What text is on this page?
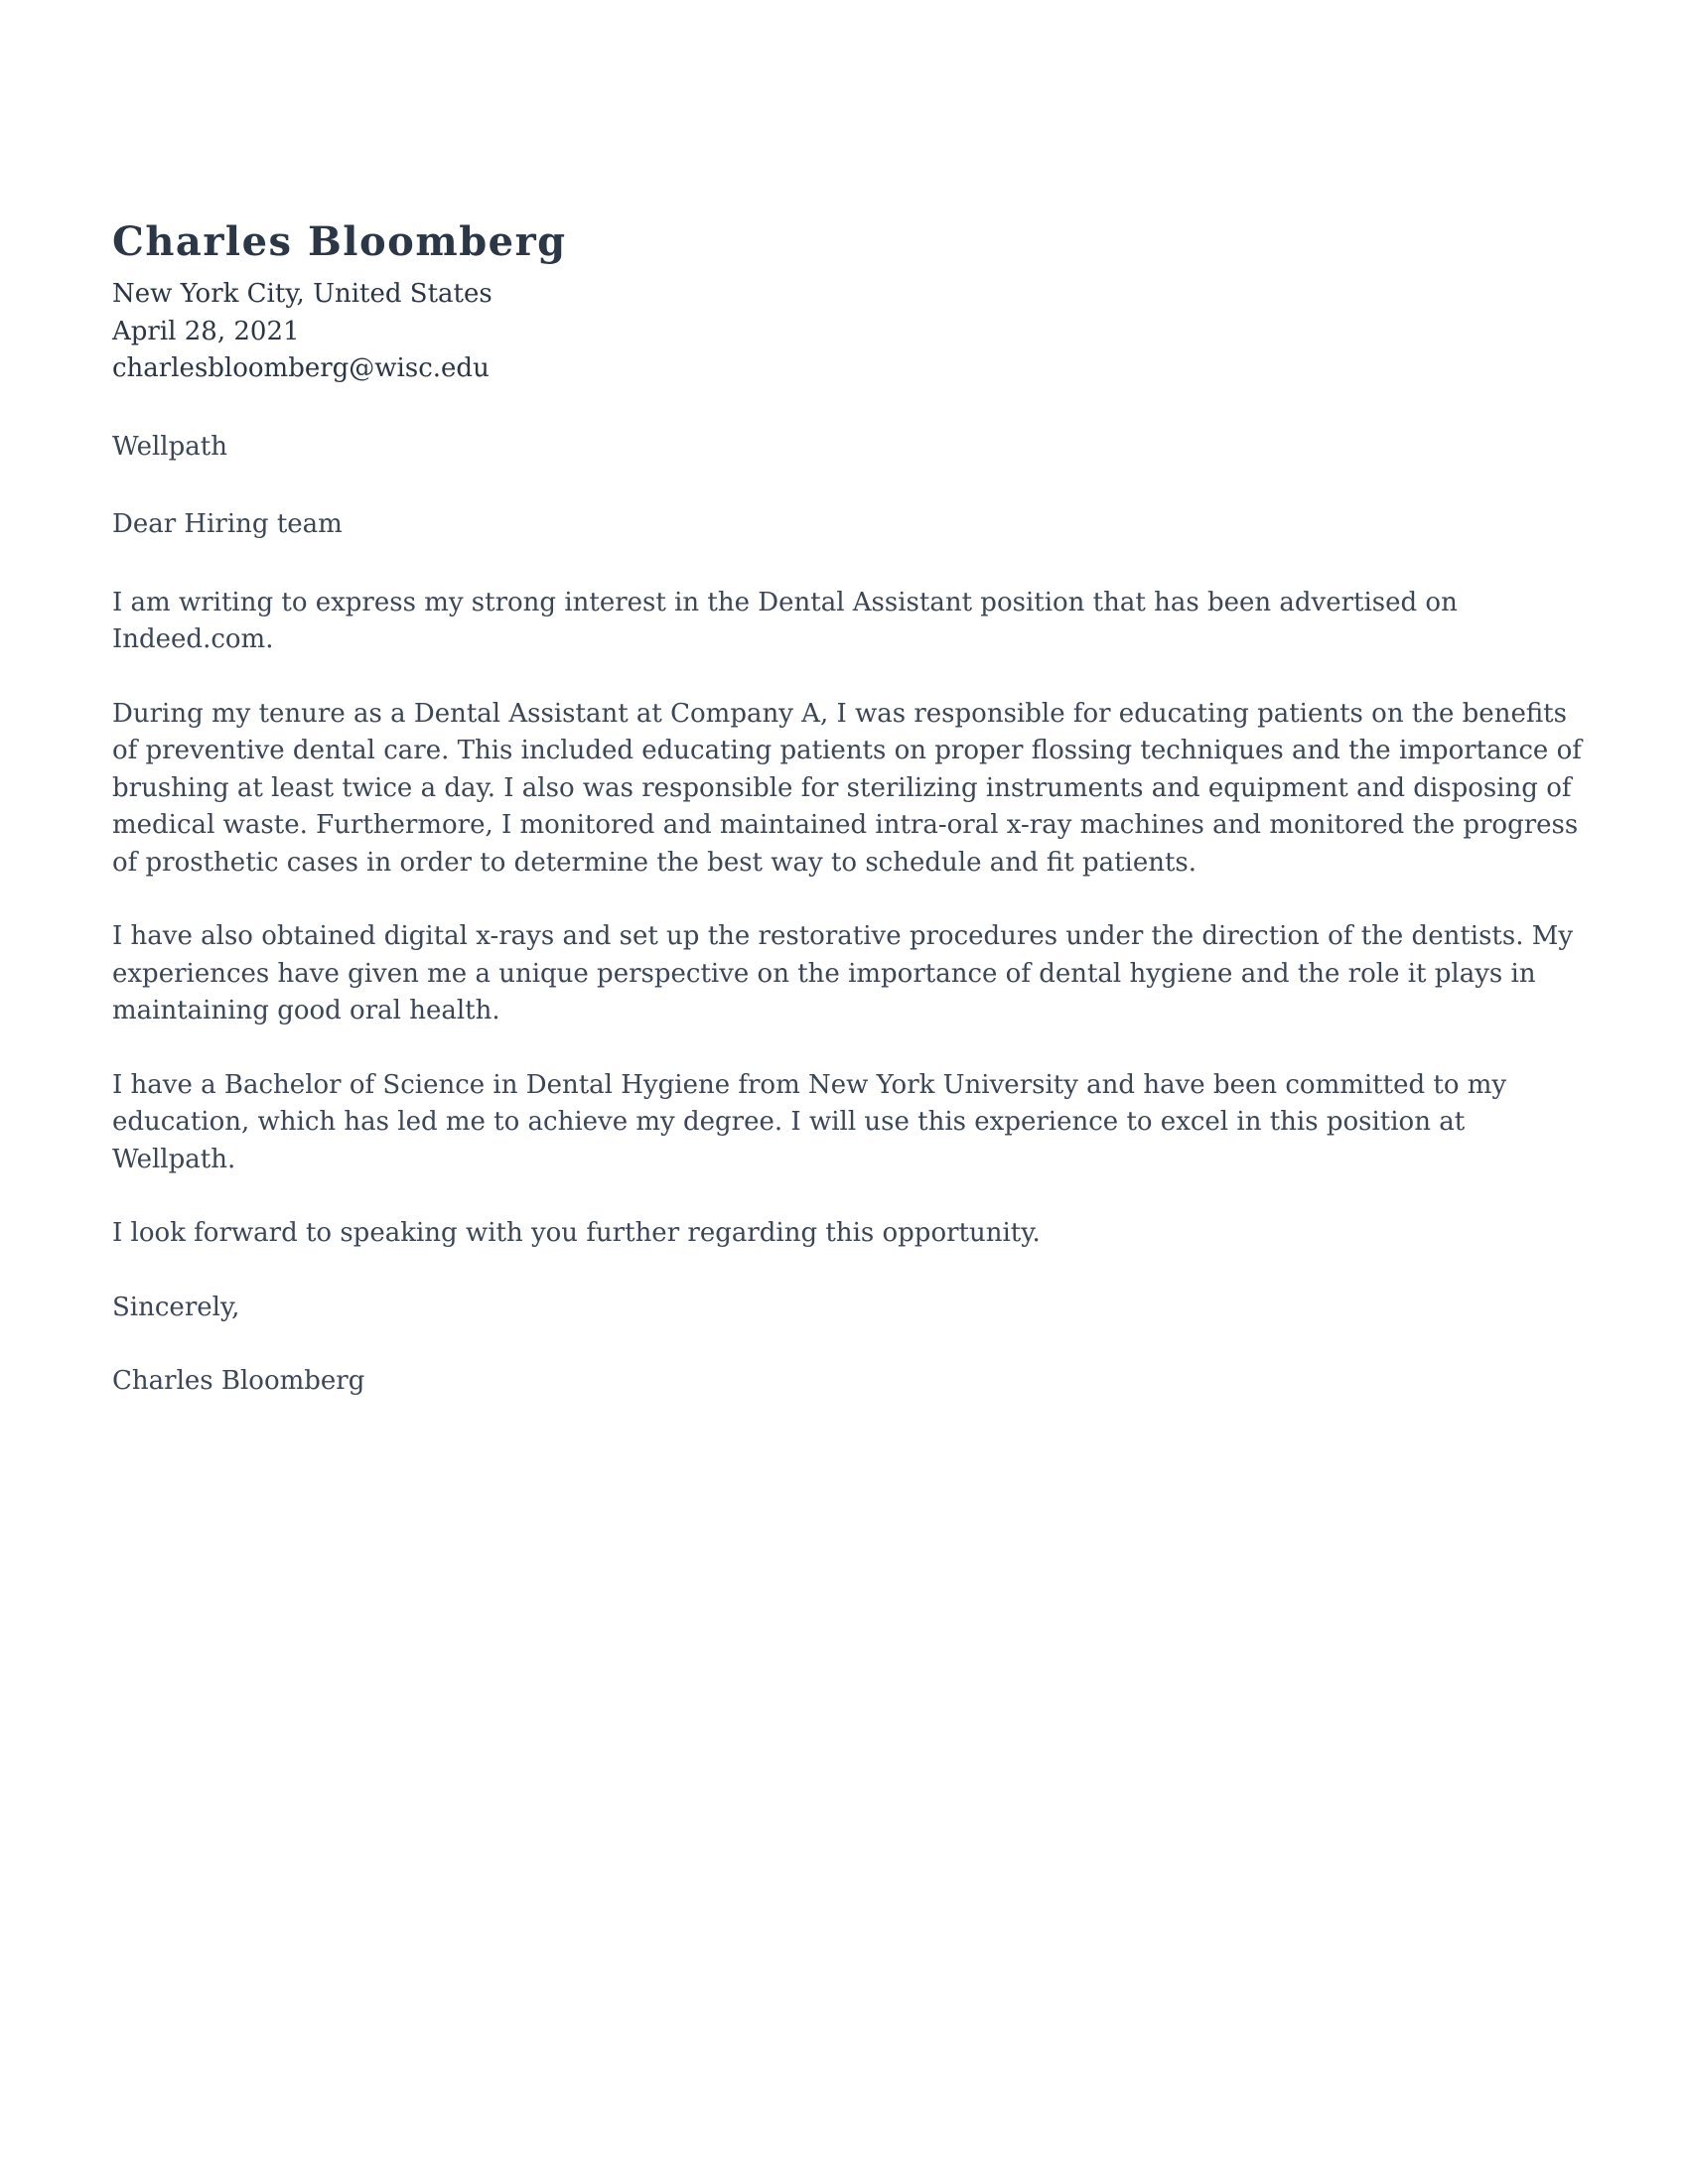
Charles Bloomberg
New York City, United States
April 28, 2021
charlesbloomberg@wisc.edu
Wellpath
Dear Hiring team
I am writing to express my strong interest in the Dental Assistant position that has been advertised on Indeed.com.
During my tenure as a Dental Assistant at Company A, I was responsible for educating patients on the benefits of preventive dental care. This included educating patients on proper flossing techniques and the importance of brushing at least twice a day. I also was responsible for sterilizing instruments and equipment and disposing of medical waste. Furthermore, I monitored and maintained intra-oral x-ray machines and monitored the progress of prosthetic cases in order to determine the best way to schedule and fit patients.
I have also obtained digital x-rays and set up the restorative procedures under the direction of the dentists. My experiences have given me a unique perspective on the importance of dental hygiene and the role it plays in maintaining good oral health.
I have a Bachelor of Science in Dental Hygiene from New York University and have been committed to my education, which has led me to achieve my degree. I will use this experience to excel in this position at Wellpath.
I look forward to speaking with you further regarding this opportunity.
Sincerely,
Charles Bloomberg
